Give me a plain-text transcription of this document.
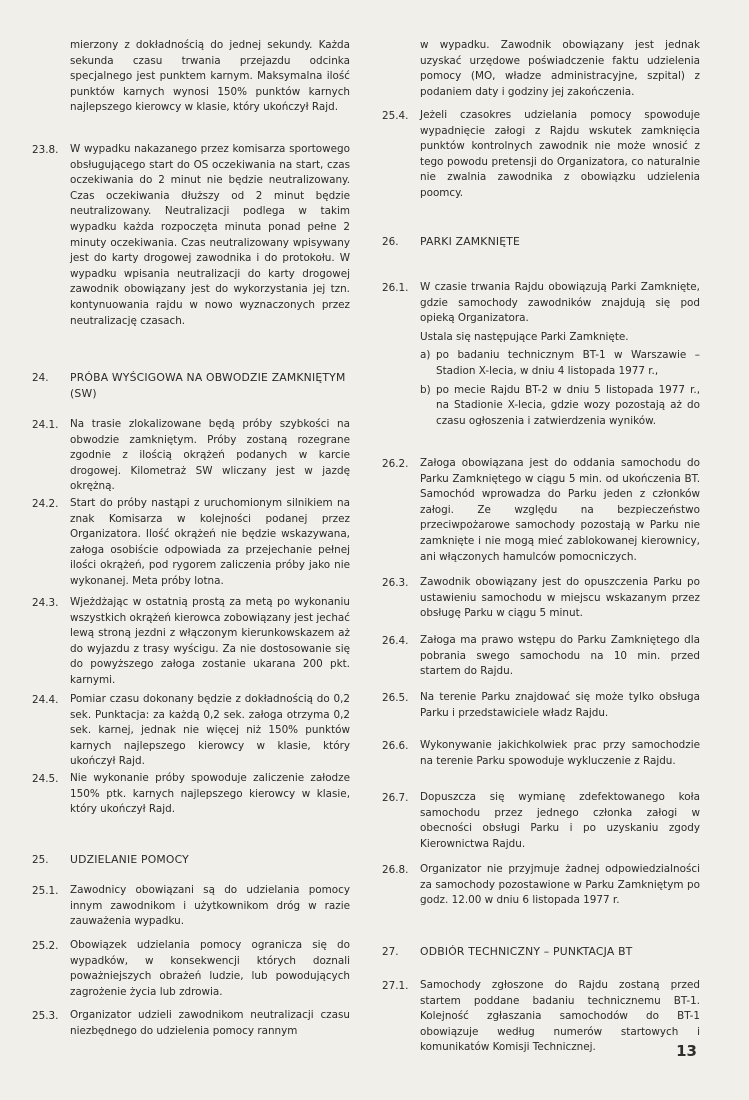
mierzony z dokładnością do jednej sekundy. Każda sekunda czasu trwania przejazdu odcinka specjalnego jest punktem karnym. Maksymalna ilość punktów karnych wynosi 150% punktów karnych najlepszego kierowcy w klasie, który ukończył Rajd.
23.8.	W wypadku nakazanego przez komisarza sportowego obsługującego start do OS oczekiwania na start, czas oczekiwania do 2 minut nie będzie neutralizowany. Czas oczekiwania dłuższy od 2 minut będzie neutralizowany. Neutralizacji podlega w takim wypadku każda rozpoczęta minuta ponad pełne 2 minuty oczekiwania. Czas neutralizowany wpisywany jest do karty drogowej zawodnika i do protokołu. W wypadku wpisania neutralizacji do karty drogowej zawodnik obowiązany jest do wykorzystania jej tzn. kontynuowania rajdu w nowo wyznaczonych przez neutralizację czasach.
24.	PRÓBA WYŚCIGOWA NA OBWODZIE ZAMKNIĘTYM (SW)
24.1.	Na trasie zlokalizowane będą próby szybkości na obwodzie zamkniętym. Próby zostaną rozegrane zgodnie z ilością okrążeń podanych w karcie drogowej. Kilometraż SW wliczany jest w jazdę okrężną.
24.2.	Start do próby nastąpi z uruchomionym silnikiem na znak Komisarza w kolejności podanej przez Organizatora. Ilość okrążeń nie będzie wskazywana, załoga osobiście odpowiada za przejechanie pełnej ilości okrążeń, pod rygorem zaliczenia próby jako nie wykonanej. Meta próby lotna.
24.3.	Wjeżdżając w ostatnią prostą za metą po wykonaniu wszystkich okrążeń kierowca zobowiązany jest jechać lewą stroną jezdni z włączonym kierunkowskazem aż do wyjazdu z trasy wyścigu. Za nie dostosowanie się do powyższego załoga zostanie ukarana 200 pkt. karnymi.
24.4.	Pomiar czasu dokonany będzie z dokładnością do 0,2 sek. Punktacja: za każdą 0,2 sek. załoga otrzyma 0,2 sek. karnej, jednak nie więcej niż 150% punktów karnych najlepszego kierowcy w klasie, który ukończył Rajd.
24.5.	Nie wykonanie próby spowoduje zaliczenie załodze 150% ptk. karnych najlepszego kierowcy w klasie, który ukończył Rajd.
25.	UDZIELANIE POMOCY
25.1.	Zawodnicy obowiązani są do udzielania pomocy innym zawodnikom i użytkownikom dróg w razie zauważenia wypadku.
25.2.	Obowiązek udzielania pomocy ogranicza się do wypadków, w konsekwencji których doznali poważniejszych obrażeń ludzie, lub powodujących zagrożenie życia lub zdrowia.
25.3.	Organizator udzieli zawodnikom neutralizacji czasu niezbędnego do udzielenia pomocy rannym
w wypadku. Zawodnik obowiązany jest jednak uzyskać urzędowe poświadczenie faktu udzielenia pomocy (MO, władze administracyjne, szpital) z podaniem daty i godziny jej zakończenia.
25.4.	Jeżeli czasokres udzielania pomocy spowoduje wypadnięcie załogi z Rajdu wskutek zamknięcia punktów kontrolnych zawodnik nie może wnosić z tego powodu pretensji do Organizatora, co naturalnie nie zwalnia zawodnika z obowiązku udzielenia poomcy.
26.	PARKI ZAMKNIĘTE
26.1.	W czasie trwania Rajdu obowiązują Parki Zamknięte, gdzie samochody zawodników znajdują się pod opieką Organizatora.
Ustala się następujące Parki Zamknięte.
a) po badaniu technicznym BT-1 w Warszawie – Stadion X-lecia, w dniu 4 listopada 1977 r.,
b) po mecie Rajdu BT-2 w dniu 5 listopada 1977 r., na Stadionie X-lecia, gdzie wozy pozostają aż do czasu ogłoszenia i zatwierdzenia wyników.
26.2.	Załoga obowiązana jest do oddania samochodu do Parku Zamkniętego w ciągu 5 min. od ukończenia BT. Samochód wprowadza do Parku jeden z członków załogi. Ze względu na bezpieczeństwo przeciwpożarowe samochody pozostają w Parku nie zamknięte i nie mogą mieć zablokowanej kierownicy, ani włączonych hamulców pomocniczych.
26.3.	Zawodnik obowiązany jest do opuszczenia Parku po ustawieniu samochodu w miejscu wskazanym przez obsługę Parku w ciągu 5 minut.
26.4.	Załoga ma prawo wstępu do Parku Zamkniętego dla pobrania swego samochodu na 10 min. przed startem do Rajdu.
26.5.	Na terenie Parku znajdować się może tylko obsługa Parku i przedstawiciele władz Rajdu.
26.6.	Wykonywanie jakichkolwiek prac przy samochodzie na terenie Parku spowoduje wykluczenie z Rajdu.
26.7.	Dopuszcza się wymianę zdefektowanego koła samochodu przez jednego członka załogi w obecności obsługi Parku i po uzyskaniu zgody Kierownictwa Rajdu.
26.8.	Organizator nie przyjmuje żadnej odpowiedzialności za samochody pozostawione w Parku Zamkniętym po godz. 12.00 w dniu 6 listopada 1977 r.
27.	ODBIÓR TECHNICZNY – PUNKTACJA BT
27.1.	Samochody zgłoszone do Rajdu zostaną przed startem poddane badaniu technicznemu BT-1. Kolejność zgłaszania samochodów do BT-1 obowiązuje według numerów startowych i komunikatów Komisji Technicznej.	13
